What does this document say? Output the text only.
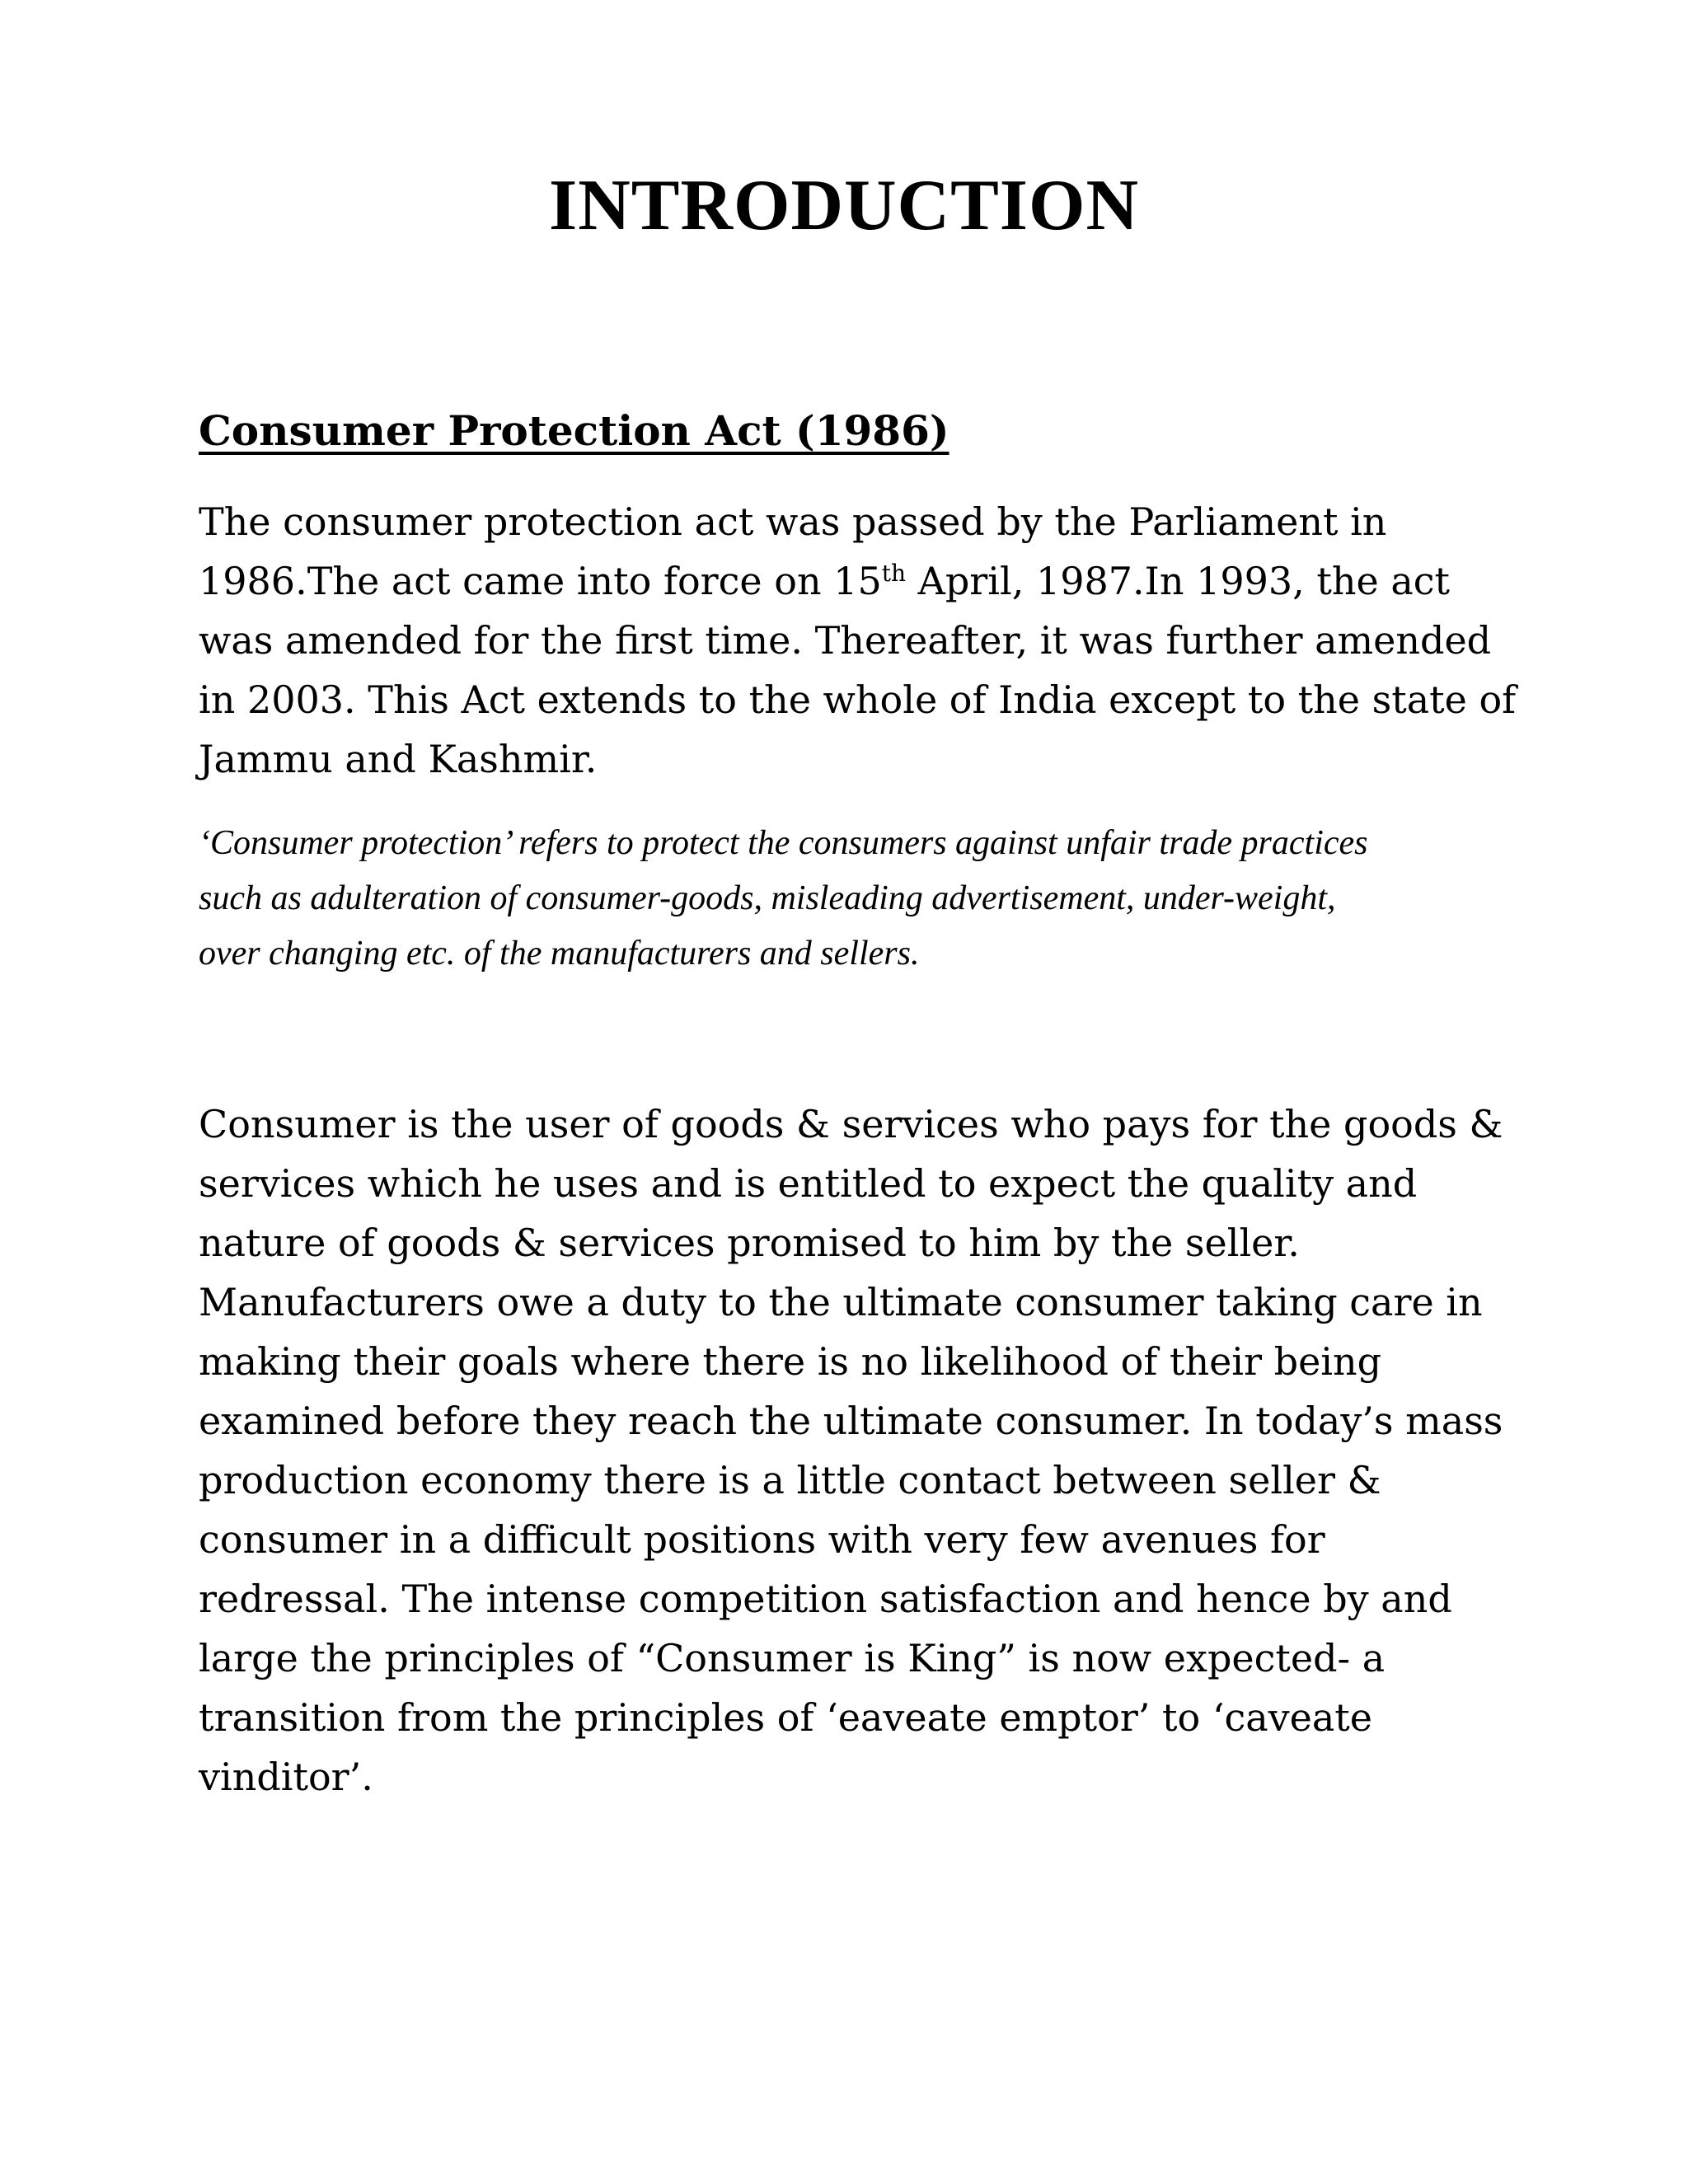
INTRODUCTION
Consumer Protection Act (1986)

The consumer protection act was passed by the Parliament in
1986.The act came into force on 15th April, 1987.In 1993, the act
was amended for the first time. Thereafter, it was further amended
in 2003. This Act extends to the whole of India except to the state of
Jammu and Kashmir.

‘Consumer protection’ refers to protect the consumers against unfair trade practices
such as adulteration of consumer-goods, misleading advertisement, under-weight,
over changing etc. of the manufacturers and sellers.

Consumer is the user of goods & services who pays for the goods &
services which he uses and is entitled to expect the quality and
nature of goods & services promised to him by the seller.
Manufacturers owe a duty to the ultimate consumer taking care in
making their goals where there is no likelihood of their being
examined before they reach the ultimate consumer. In today’s mass
production economy there is a little contact between seller &
consumer in a difficult positions with very few avenues for
redressal. The intense competition satisfaction and hence by and
large the principles of “Consumer is King” is now expected- a
transition from the principles of ‘eaveate emptor’ to ‘caveate
vinditor’.
